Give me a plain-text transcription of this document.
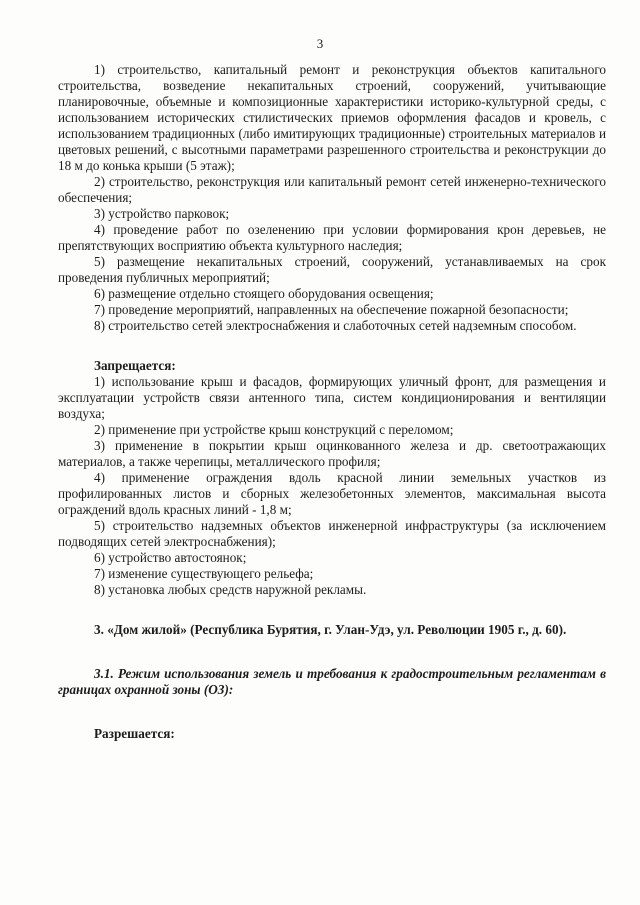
3

1) строительство, капитальный ремонт и реконструкция объектов капитального строительства, возведение некапитальных строений, сооружений, учитывающие планировочные, объемные и композиционные характеристики историко-культурной среды, с использованием исторических стилистических приемов оформления фасадов и кровель, с использованием традиционных (либо имитирующих традиционные) строительных материалов и цветовых решений, с высотными параметрами разрешенного строительства и реконструкции до 18 м до конька крыши (5 этаж);

2) строительство, реконструкция или капитальный ремонт сетей инженерно-технического обеспечения;

3) устройство парковок;

4) проведение работ по озеленению при условии формирования крон деревьев, не препятствующих восприятию объекта культурного наследия;

5) размещение некапитальных строений, сооружений, устанавливаемых на срок проведения публичных мероприятий;

6) размещение отдельно стоящего оборудования освещения;

7) проведение мероприятий, направленных на обеспечение пожарной безопасности;

8) строительство сетей электроснабжения и слаботочных сетей надземным способом.

Запрещается:

1) использование крыш и фасадов, формирующих уличный фронт, для размещения и эксплуатации устройств связи антенного типа, систем кондиционирования и вентиляции воздуха;

2) применение при устройстве крыш конструкций с переломом;

3) применение в покрытии крыш оцинкованного железа и др. светоотражающих материалов, а также черепицы, металлического профиля;

4) применение ограждения вдоль красной линии земельных участков из профилированных листов и сборных железобетонных элементов, максимальная высота ограждений вдоль красных линий - 1,8 м;

5) строительство надземных объектов инженерной инфраструктуры (за исключением подводящих сетей электроснабжения);

6) устройство автостоянок;

7) изменение существующего рельефа;

8) установка любых средств наружной рекламы.

3. «Дом жилой» (Республика Бурятия, г. Улан-Удэ, ул. Революции 1905 г., д. 60).

3.1. Режим использования земель и требования к градостроительным регламентам в границах охранной зоны (ОЗ):

Разрешается:
